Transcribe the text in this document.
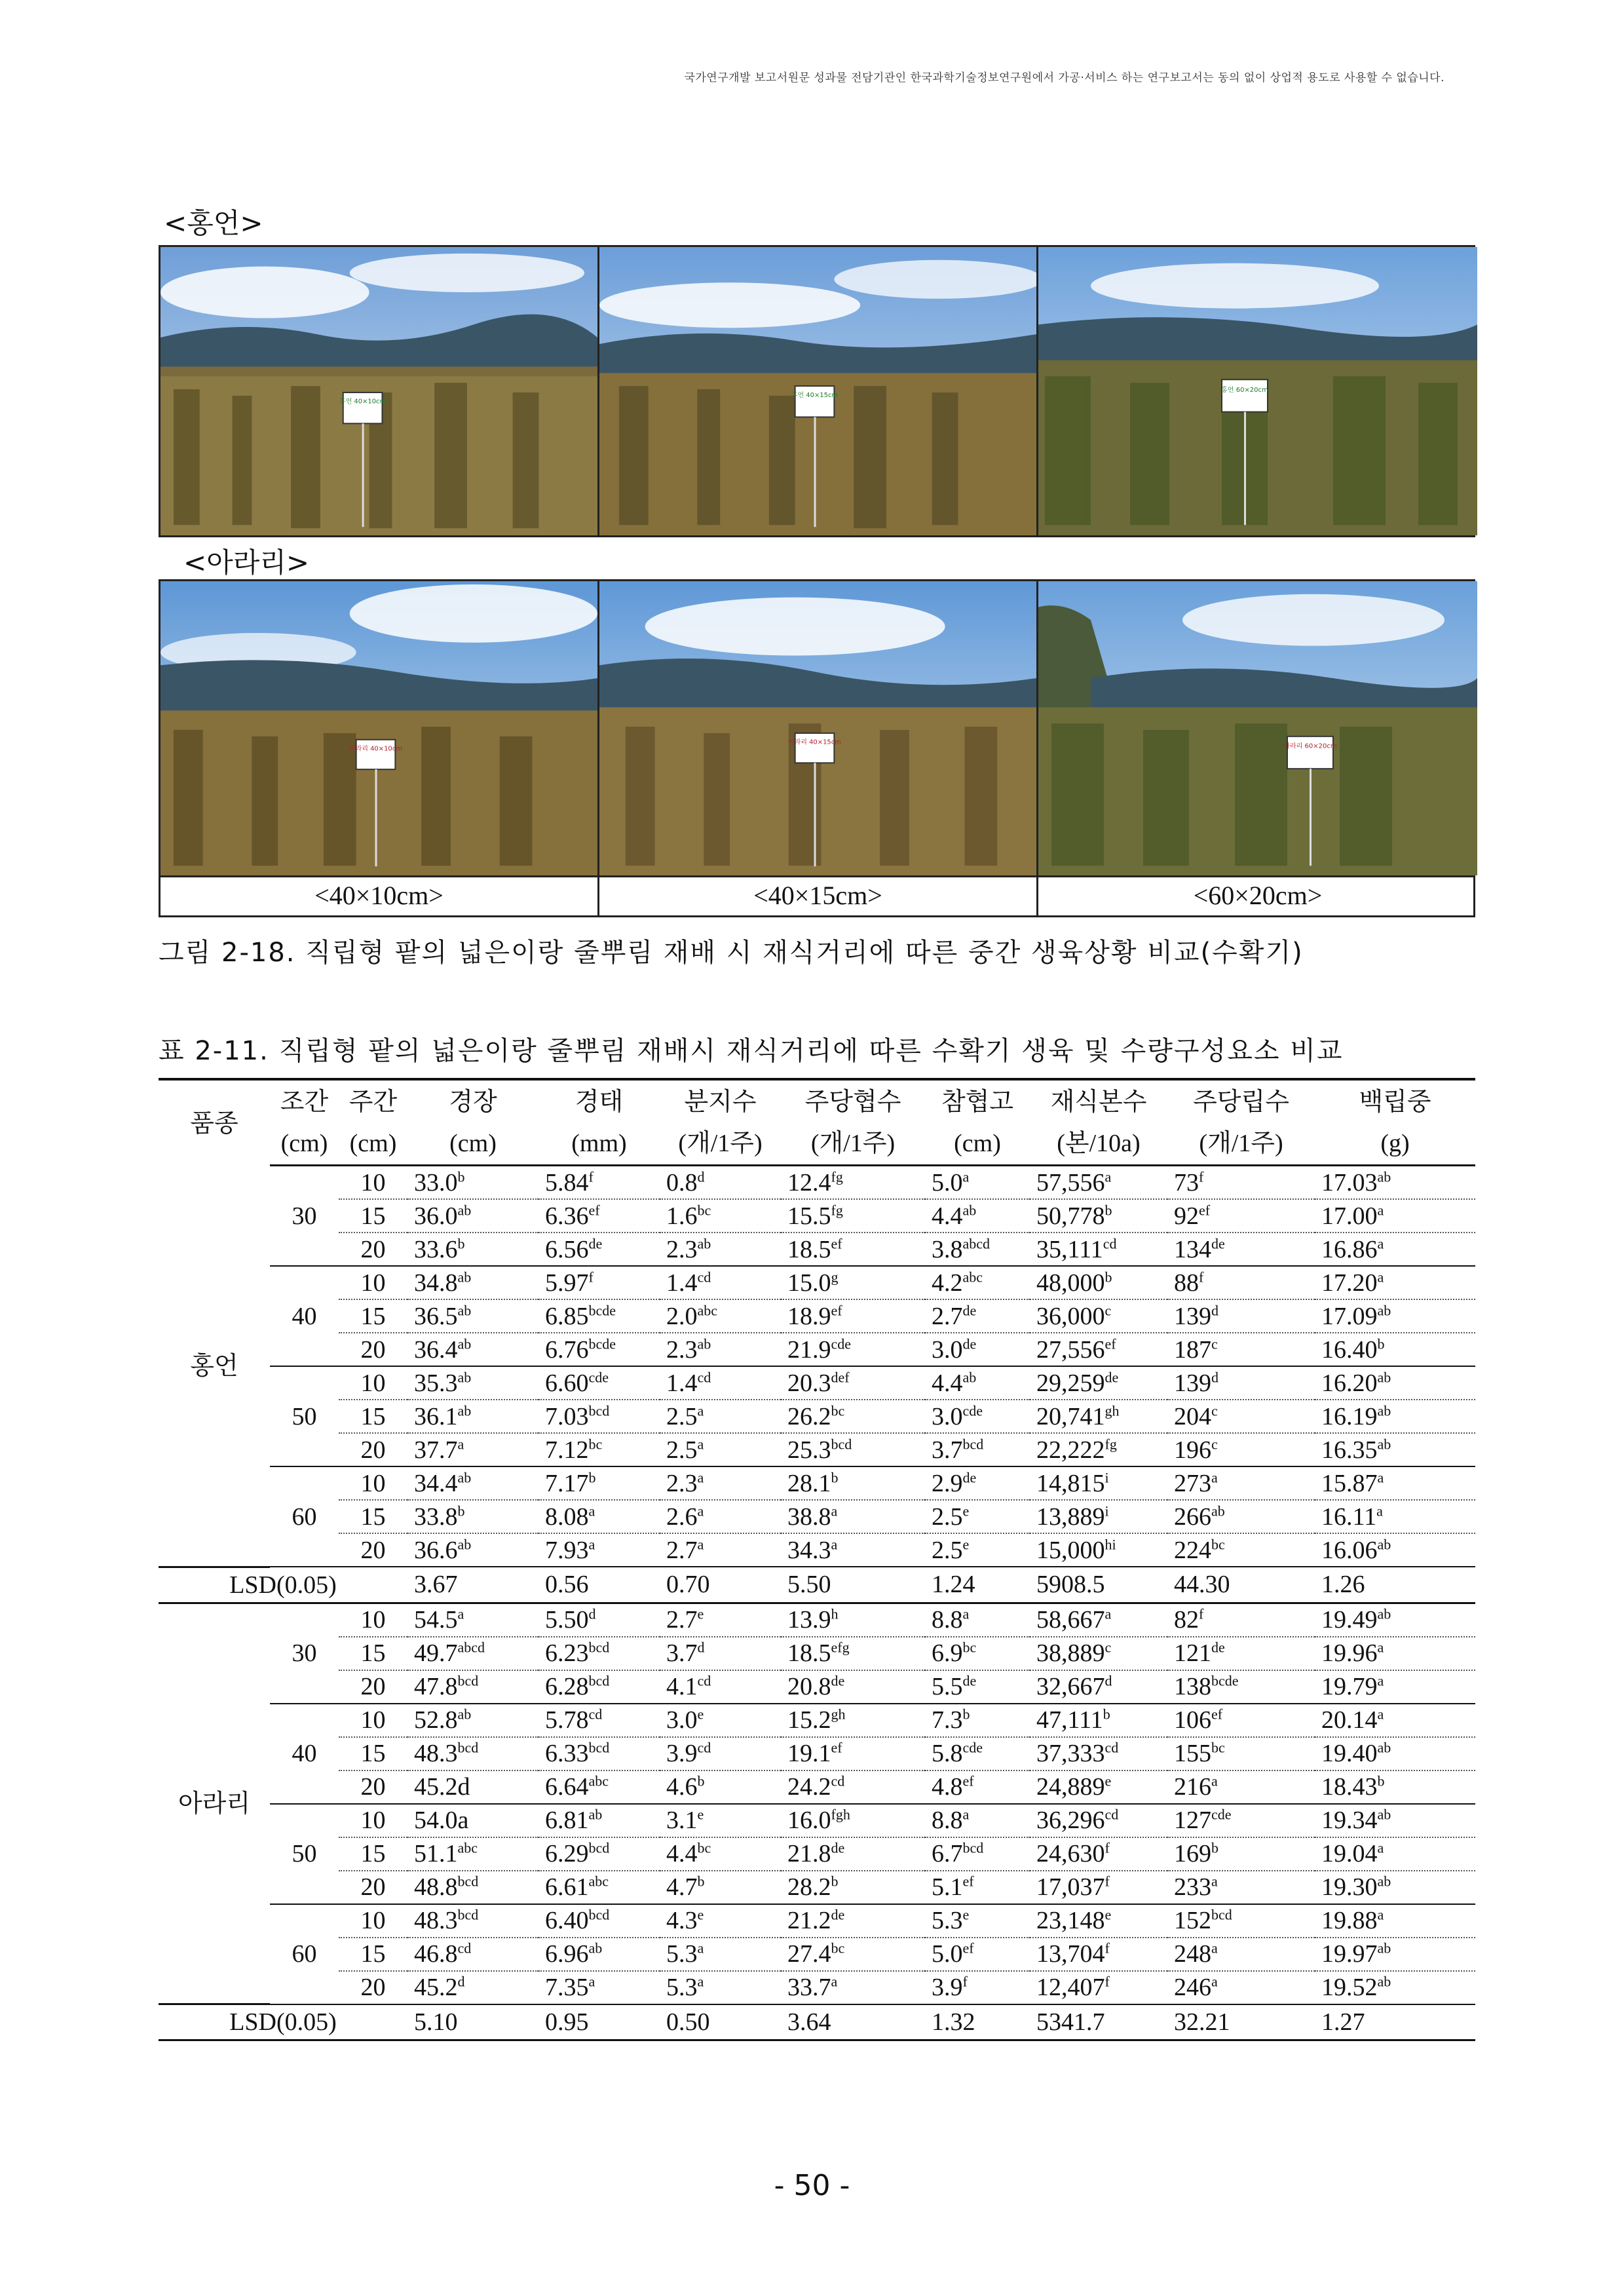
국가연구개발 보고서원문 성과물 전담기관인 한국과학기술정보연구원에서 가공·서비스 하는 연구보고서는 동의 없이 상업적 용도로 사용할 수 없습니다.
<홍언>
홍언 40×10cm
홍언 40×15cm
홍언 60×20cm
<아라리>
아라리 40×10cm
아라리 40×15cm
아라리 60×20cm
<40×10cm>	<40×15cm>	<60×20cm>
그림 2-18. 직립형 팥의 넓은이랑 줄뿌림 재배 시 재식거리에 따른 중간 생육상황 비교(수확기)
표 2-11. 직립형 팥의 넓은이랑 줄뿌림 재배시 재식거리에 따른 수확기 생육 및 수량구성요소 비교
품종	조간	주간	경장	경태	분지수	주당협수	참협고	재식본수	주당립수	백립중
	(cm)	(cm)	(cm)	(mm)	(개/1주)	(개/1주)	(cm)	(본/10a)	(개/1주)	(g)
홍언	30	10	33.0$^b$	5.84$^f$	0.8$^d$	12.4$^{fg}$	5.0$^a$	57,556$^a$	73$^f$	17.03$^{ab}$
		15	36.0$^{ab}$	6.36$^{ef}$	1.6$^{bc}$	15.5$^{fg}$	4.4$^{ab}$	50,778$^b$	$92^{ef}$	17.00$^a$
		20	33.6$^b$	6.56de	2.3$^{ab}$	18.5$^{ef}$	$3.8^{abcd}$	35,111$^{cd}$	134de	16.86$^a$
	40	10	34.8$^{ab}$	5.97$^f$	1.4$^{cd}$	15.0$^g$	4.2$^{abc}$	48,000$^b$	88$^f$	17.20$^a$
		15	36.5$^{ab}$	$6.85^{bcde}$	2.0$^{abc}$	18.9$^{ef}$	2.7de	36,000$^c$	139$^d$	17.09$^{ab}$
		20	36.4$^{ab}$	$6.76^{bcde}$	2.3$^{ab}$	21.9$^{cde}$	3.0de	27,556$^{ef}$	187$^c$	16.40$^b$
	50	10	35.3$^{ab}$	6.60$^{cde}$	1.4$^{cd}$	20.3$^{def}$	4.4$^{ab}$	29,259de	139$^d$	16.20$^{ab}$
		15	36.1$^{ab}$	7.03$^{bcd}$	2.5$^a$	26.2$^{bc}$	3.0$^{cde}$	20,741$^{gh}$	204$^c$	16.19$^{ab}$
		20	37.7$^a$	7.12$^{bc}$	2.5$^a$	25.3$^{bcd}$	3.7$^{bcd}$	22,222$^{fg}$	196$^c$	16.35$^{ab}$
	60	10	34.4$^{ab}$	7.17$^b$	2.3$^a$	28.1$^b$	2.9de	14,815$^i$	273$^a$	15.87$^a$
		15	33.8$^b$	8.08$^a$	2.6$^a$	38.8$^a$	2.5e	13,889$^i$	$266^{ab}$	16.11$^a$
		20	36.6$^{ab}$	7.93$^a$	2.7$^a$	34.3$^a$	2.5e	$15,000^{hi}$	$224^{bc}$	16.06$^{ab}$
LSD(0.05)			3.67	0.56	0.70	5.50	1.24	5908.5	44.30	1.26
아라리	30	10	54.5$^a$	5.50$^d$	2.7e	13.9$^h$	8.8$^a$	58,667$^a$	82$^f$	19.49$^{ab}$
		15	$49.7^{abcd}$	6.23$^{bcd}$	3.7$^d$	18.5$^{efg}$	6.9$^{bc}$	38,889$^c$	121de	19.96$^a$
		20	47.8$^{bcd}$	6.28$^{bcd}$	4.1$^{cd}$	20.8de	5.5de	32,667$^d$	$138^{bcde}$	19.79$^a$
	40	10	52.8$^{ab}$	5.78$^{cd}$	3.0e	15.2$^{gh}$	7.3$^b$	47,111$^b$	$106^{ef}$	20.14$^a$
		15	48.3$^{bcd}$	6.33$^{bcd}$	3.9$^{cd}$	19.1$^{ef}$	5.8$^{cde}$	37,333$^{cd}$	$155^{bc}$	19.40$^{ab}$
		20	45.2d	6.64$^{abc}$	4.6$^b$	24.2$^{cd}$	4.8$^{ef}$	24,889e	216$^a$	18.43$^b$
	50	10	54.0a	6.81$^{ab}$	3.1e	16.0$^{fgh}$	8.8$^a$	36,296$^{cd}$	$127^{cde}$	19.34$^{ab}$
		15	51.1$^{abc}$	6.29$^{bcd}$	4.4$^{bc}$	21.8de	6.7$^{bcd}$	24,630$^f$	169$^b$	19.04$^a$
		20	48.8$^{bcd}$	6.61$^{abc}$	4.7$^b$	28.2$^b$	5.1$^{ef}$	17,037$^f$	233$^a$	19.30$^{ab}$
	60	10	48.3$^{bcd}$	6.40$^{bcd}$	4.3e	21.2de	5.3e	23,148e	$152^{bcd}$	19.88$^a$
		15	46.8$^{cd}$	6.96$^{ab}$	5.3$^a$	27.4$^{bc}$	5.0$^{ef}$	13,704$^f$	248$^a$	19.97$^{ab}$
		20	45.2$^d$	7.35$^a$	5.3$^a$	33.7$^a$	3.9$^f$	12,407$^f$	246$^a$	19.52$^{ab}$
LSD(0.05)			5.10	0.95	0.50	3.64	1.32	5341.7	32.21	1.27
- 50 -
